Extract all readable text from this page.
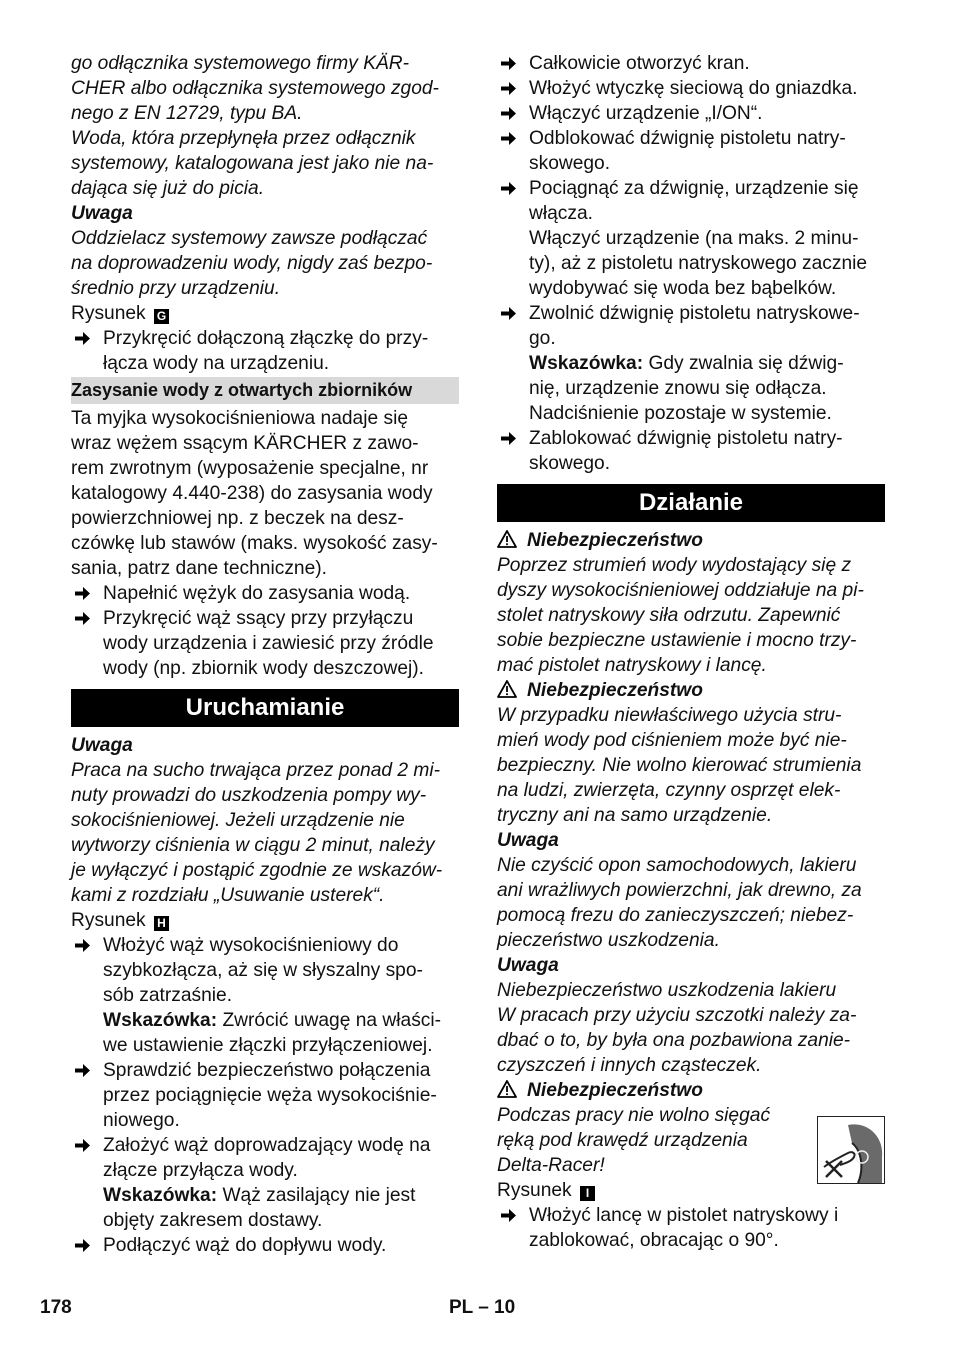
go odłącznika systemowego firmy KÄR-
CHER albo odłącznika systemowego zgod-
nego z EN 12729, typu BA.
Woda, która przepłynęła przez odłącznik
systemowy, katalogowana jest jako nie na-
dająca się już do picia.
Uwaga
Oddzielacz systemowy zawsze podłączać
na doprowadzeniu wody, nigdy zaś bezpo-
średnio przy urządzeniu.
Rysunek G
Przykręcić dołączoną złączkę do przy-
łącza wody na urządzeniu.
Zasysanie wody z otwartych zbiorników
Ta myjka wysokociśnieniowa nadaje się
wraz wężem ssącym KÄRCHER z zawo-
rem zwrotnym (wyposażenie specjalne, nr
katalogowy 4.440-238) do zasysania wody
powierzchniowej np. z beczek na desz-
czówkę lub stawów (maks. wysokość zasy-
sania, patrz dane techniczne).
Napełnić wężyk do zasysania wodą.
Przykręcić wąż ssący przy przyłączu
wody urządzenia i zawiesić przy źródle
wody (np. zbiornik wody deszczowej).
Uruchamianie
Uwaga
Praca na sucho trwająca przez ponad 2 mi-
nuty prowadzi do uszkodzenia pompy wy-
sokociśnieniowej. Jeżeli urządzenie nie
wytworzy ciśnienia w ciągu 2 minut, należy
je wyłączyć i postąpić zgodnie ze wskazów-
kami z rozdziału „Usuwanie usterek“.
Rysunek H
Włożyć wąż wysokociśnieniowy do
szybkozłącza, aż się w słyszalny spo-
sób zatrzaśnie.
Wskazówka: Zwrócić uwagę na właści-
we ustawienie złączki przyłączeniowej.
Sprawdzić bezpieczeństwo połączenia
przez pociągnięcie węża wysokociśnie-
niowego.
Założyć wąż doprowadzający wodę na
złącze przyłącza wody.
Wskazówka: Wąż zasilający nie jest
objęty zakresem dostawy.
Podłączyć wąż do dopływu wody.
Całkowicie otworzyć kran.
Włożyć wtyczkę sieciową do gniazdka.
Włączyć urządzenie „I/ON“.
Odblokować dźwignię pistoletu natry-
skowego.
Pociągnąć za dźwignię, urządzenie się
włącza.
Włączyć urządzenie (na maks. 2 minu-
ty), aż z pistoletu natryskowego zacznie
wydobywać się woda bez bąbelków.
Zwolnić dźwignię pistoletu natryskowe-
go.
Wskazówka: Gdy zwalnia się dźwig-
nię, urządzenie znowu się odłącza.
Nadciśnienie pozostaje w systemie.
Zablokować dźwignię pistoletu natry-
skowego.
Działanie
Niebezpieczeństwo
Poprzez strumień wody wydostający się z
dyszy wysokociśnieniowej oddziałuje na pi-
stolet natryskowy siła odrzutu. Zapewnić
sobie bezpieczne ustawienie i mocno trzy-
mać pistolet natryskowy i lancę.
Niebezpieczeństwo
W przypadku niewłaściwego użycia stru-
mień wody pod ciśnieniem może być nie-
bezpieczny. Nie wolno kierować strumienia
na ludzi, zwierzęta, czynny osprzęt elek-
tryczny ani na samo urządzenie.
Uwaga
Nie czyścić opon samochodowych, lakieru
ani wrażliwych powierzchni, jak drewno, za
pomocą frezu do zanieczyszczeń; niebez-
pieczeństwo uszkodzenia.
Uwaga
Niebezpieczeństwo uszkodzenia lakieru
W pracach przy użyciu szczotki należy za-
dbać o to, by była ona pozbawiona zanie-
czyszczeń i innych cząsteczek.
Niebezpieczeństwo
Podczas pracy nie wolno sięgać
ręką pod krawędź urządzenia
Delta-Racer!
Rysunek I
Włożyć lancę w pistolet natryskowy i
zablokować, obracając o 90°.
178	PL – 10
